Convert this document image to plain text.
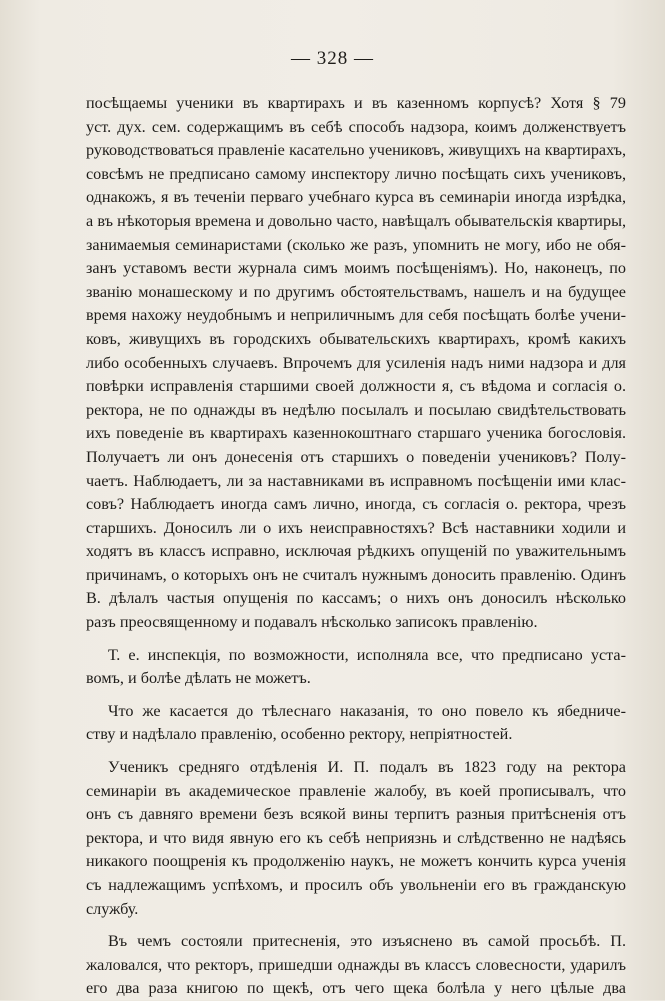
— 328 —
посѣщаемы ученики въ квартирахъ и въ казенномъ корпусѣ? Хотя § 79
уст. дух. сем. содержащимъ въ себѣ способъ надзора, коимъ долженствуетъ
руководствоваться правленіе касательно учениковъ, живущихъ на квартирахъ,
совсѣмъ не предписано самому инспектору лично посѣщать сихъ учениковъ,
однакожъ, я въ теченіи перваго учебнаго курса въ семинаріи иногда изрѣдка,
а въ нѣкоторыя времена и довольно часто, навѣщалъ обывательскія квартиры,
занимаемыя семинаристами (сколько же разъ, упомнить не могу, ибо не обя-
занъ уставомъ вести журнала симъ моимъ посѣщеніямъ). Но, наконецъ, по
званію монашескому и по другимъ обстоятельствамъ, нашелъ и на будущее
время нахожу неудобнымъ и неприличнымъ для себя посѣщать болѣе учени-
ковъ, живущихъ въ городскихъ обывательскихъ квартирахъ, кромѣ какихъ
либо особенныхъ случаевъ. Впрочемъ для усиленія надъ ними надзора и для
повѣрки исправленія старшими своей должности я, съ вѣдома и согласія о.
ректора, не по однажды въ недѣлю посылалъ и посылаю свидѣтельствовать
ихъ поведеніе въ квартирахъ казеннокоштнаго старшаго ученика богословія.
Получаетъ ли онъ донесенія отъ старшихъ о поведеніи учениковъ? Полу-
чаетъ. Наблюдаетъ, ли за наставниками въ исправномъ посѣщеніи ими клас-
совъ? Наблюдаетъ иногда самъ лично, иногда, съ согласія о. ректора, чрезъ
старшихъ. Доносилъ ли о ихъ неисправностяхъ? Всѣ наставники ходили и
ходятъ въ классъ исправно, исключая рѣдкихъ опущеній по уважительнымъ
причинамъ, о которыхъ онъ не считалъ нужнымъ доносить правленію. Одинъ
В. дѣлалъ частыя опущенія по кассамъ; о нихъ онъ доносилъ нѣсколько
разъ преосвященному и подавалъ нѣсколько записокъ правленію.
Т. е. инспекція, по возможности, исполняла все, что предписано уста-
вомъ, и болѣе дѣлать не можетъ.
Что же касается до тѣлеснаго наказанія, то оно повело къ ябедниче-
ству и надѣлало правленію, особенно ректору, непріятностей.
Ученикъ средняго отдѣленія И. П. подалъ въ 1823 году на ректора
семинаріи въ академическое правленіе жалобу, въ коей прописывалъ, что
онъ съ давняго времени безъ всякой вины терпитъ разныя притѣсненія отъ
ректора, и что видя явную его къ себѣ неприязнь и слѣдственно не надѣясь
никакого поощренія къ продолженію наукъ, не можетъ кончить курса ученія
съ надлежащимъ успѣхомъ, и просилъ объ увольненіи его въ гражданскую
службу.
Въ чемъ состояли притесненія, это изъяснено въ самой просьбѣ. П.
жаловался, что ректоръ, пришедши однажды въ классъ словесности, ударилъ
его два раза книгою по щекѣ, отъ чего щека болѣла у него цѣлые два
